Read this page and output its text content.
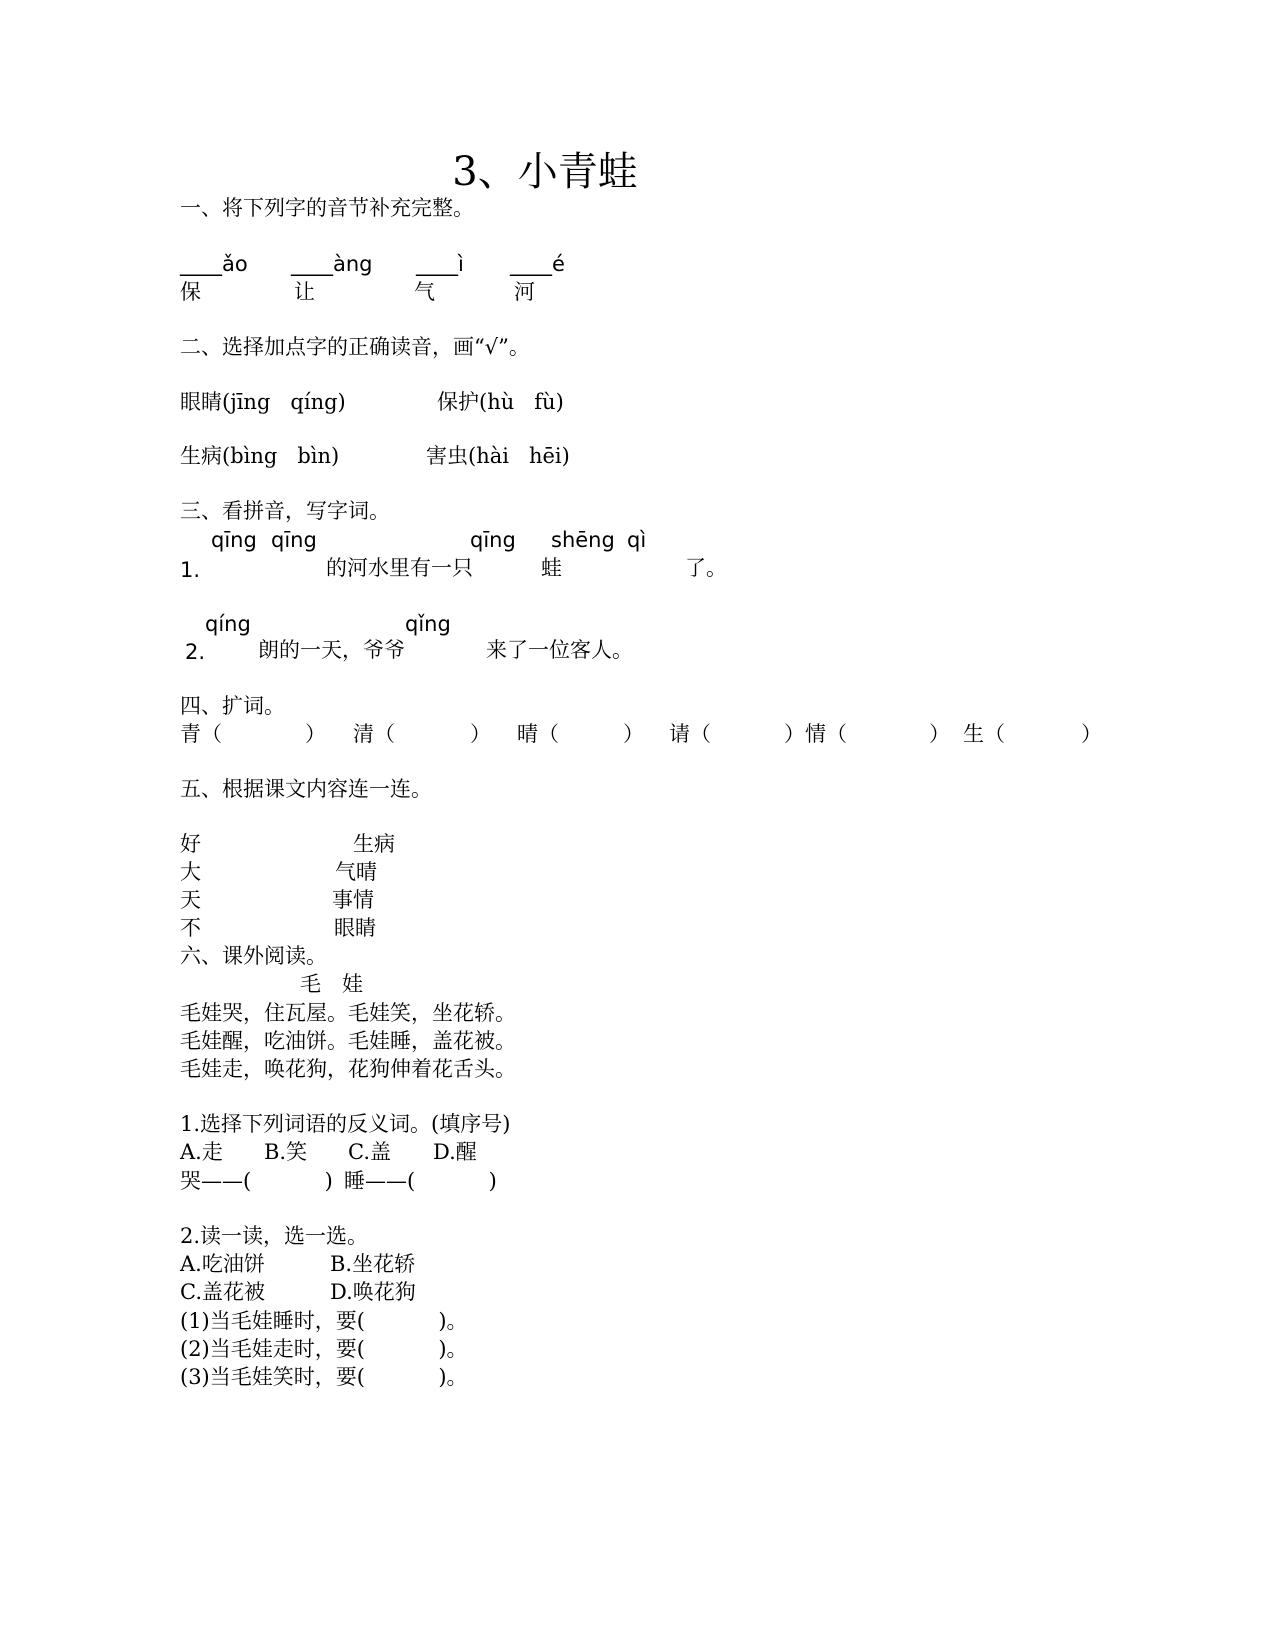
3、小青蛙
一、将下列字的音节补充完整。
____ǎo ____àng ____ì ____é
保	让	气	河
二、选择加点字的正确读音，画“√”。
眼睛(jīng   qíng)	保护(hù   fù)
生病(bìng   bìn)	害虫(hài   hēi)
三、看拼音，写字词。
qīng qīng	qīng shēng qì
1.	的河水里有一只	蛙	了。
qíng	qǐng
2.	朗的一天，爷爷	来了一位客人。
四、扩词。
青（	） 清（	） 晴（	） 请（	）情（	） 生（	）
五、根据课文内容连一连。
好	生病
大	气晴
天	事情
不	眼睛
六、课外阅读。
毛　娃
毛娃哭，住瓦屋。毛娃笑，坐花轿。
毛娃醒，吃油饼。毛娃睡，盖花被。
毛娃走，唤花狗，花狗伸着花舌头。
1.选择下列词语的反义词。(填序号)
A.走 B.笑 C.盖 D.醒
哭——(           ) 睡——(           )
2.读一读，选一选。
A.吃油饼	B.坐花轿
C.盖花被	D.唤花狗
(1)当毛娃睡时，要(           )。
(2)当毛娃走时，要(           )。
(3)当毛娃笑时，要(           )。
